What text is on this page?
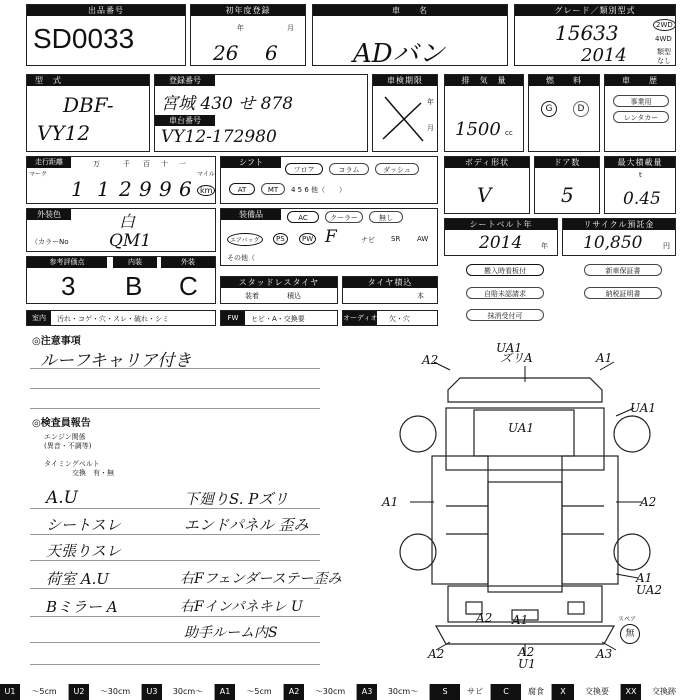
出品番号
SD0033
初年度登録
年	月
26 6
車　　名
ADバン
グレード／類別型式
15633
2014
2WD
4WD
類型
なし
型　式
DBF-
VY12
登録番号
宮城 430 せ 878
車台番号
VY12-172980
車検期限
年
月
排　気　量
1500 cc
燃　　料
G	D
車　　歴
事業用
レンタカー
走行距離
マーク
万	千 百 十 一
1 1 2 9 9 6	km
マイル
シフト
フロア	コラム	ダッシュ
AT	MT	4 5 6 他（　　）
ボディ形状
V
ドア数
5
最大積載量
t
0.45
外装色	白
（カラーNo QM1
装備品	AC	クーラー	無し
エアバッグ	PS	PW F	ナビ SR AW
その他（
シートベルト年
2014	年
リサイクル預託金
10,850	円
参考評価点	内装	外装
3 B C	スタッドレスタイヤ
装着	積込
タイヤ積込
本
搬入時看板付	新車保証書
自賠未認請求	納税証明書
抹消受付可
室内	汚れ・コゲ・穴・スレ・破れ・シミ	FW	ヒビ・A・交換要	オーディオ 欠・穴
◎注意事項
ルーフキャリア付き
◎検査員報告
エンジン関係
(異音・不調等)
タイミングベルト
交換　有・無
A.U	下廻りS. Pズリ
シートスレ	エンドパネル 歪み
天張りスレ
荷室 A.U	右Fフェンダーステー歪み
Bミラー A	右Fインパネキレ U
助手ルーム内S
UA1
ズリA
A2	A1
UA1
UA1
A1	A2
A1
UA2
A2 A1
A2	A3
U1
A2
スペア
無
U1	～5cm	U2	～30cm	U3	30cm～	A1	～5cm	A2	～30cm	A3	30cm～	S	サビ	C	腐食	X	交換要	XX	交換跡
